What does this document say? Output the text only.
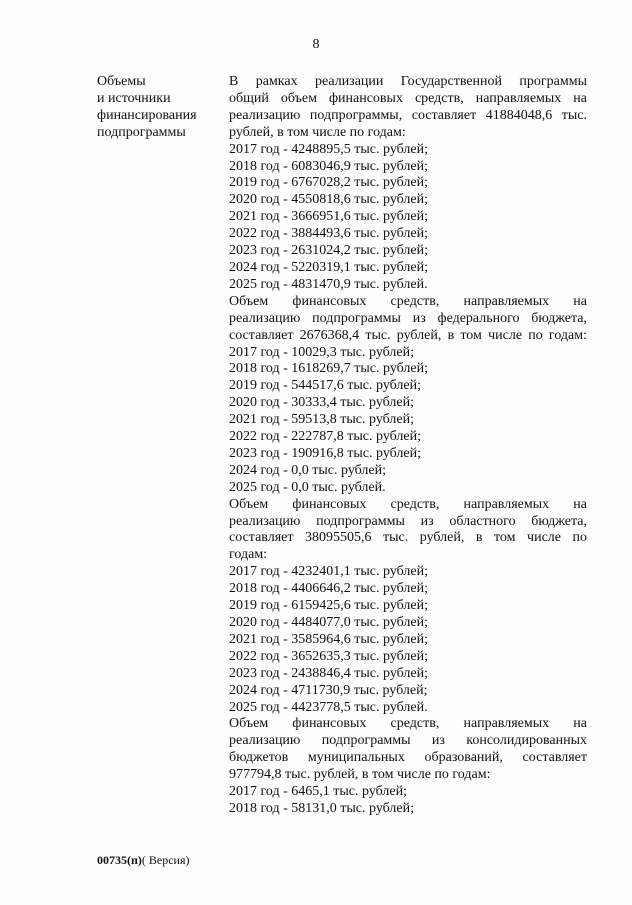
8
Объемы
и источники
финансирования
подпрограммы
В рамках реализации Государственной программы
общий объем финансовых средств, направляемых на
реализацию подпрограммы, составляет 41884048,6 тыс.
рублей, в том числе по годам:
2017 год - 4248895,5 тыс. рублей;
2018 год - 6083046,9 тыс. рублей;
2019 год - 6767028,2 тыс. рублей;
2020 год - 4550818,6 тыс. рублей;
2021 год - 3666951,6 тыс. рублей;
2022 год - 3884493,6 тыс. рублей;
2023 год - 2631024,2 тыс. рублей;
2024 год - 5220319,1 тыс. рублей;
2025 год - 4831470,9 тыс. рублей.
Объем финансовых средств, направляемых на
реализацию подпрограммы из федерального бюджета,
составляет 2676368,4 тыс. рублей, в том числе по годам:
2017 год - 10029,3 тыс. рублей;
2018 год - 1618269,7 тыс. рублей;
2019 год - 544517,6 тыс. рублей;
2020 год - 30333,4 тыс. рублей;
2021 год - 59513,8 тыс. рублей;
2022 год - 222787,8 тыс. рублей;
2023 год - 190916,8 тыс. рублей;
2024 год - 0,0 тыс. рублей;
2025 год - 0,0 тыс. рублей.
Объем финансовых средств, направляемых на
реализацию подпрограммы из областного бюджета,
составляет 38095505,6 тыс. рублей, в том числе по
годам:
2017 год - 4232401,1 тыс. рублей;
2018 год - 4406646,2 тыс. рублей;
2019 год - 6159425,6 тыс. рублей;
2020 год - 4484077,0 тыс. рублей;
2021 год - 3585964,6 тыс. рублей;
2022 год - 3652635,3 тыс. рублей;
2023 год - 2438846,4 тыс. рублей;
2024 год - 4711730,9 тыс. рублей;
2025 год - 4423778,5 тыс. рублей.
Объем финансовых средств, направляемых на
реализацию подпрограммы из консолидированных
бюджетов муниципальных образований, составляет
977794,8 тыс. рублей, в том числе по годам:
2017 год - 6465,1 тыс. рублей;
2018 год - 58131,0 тыс. рублей;
00735(п)( Версия)
